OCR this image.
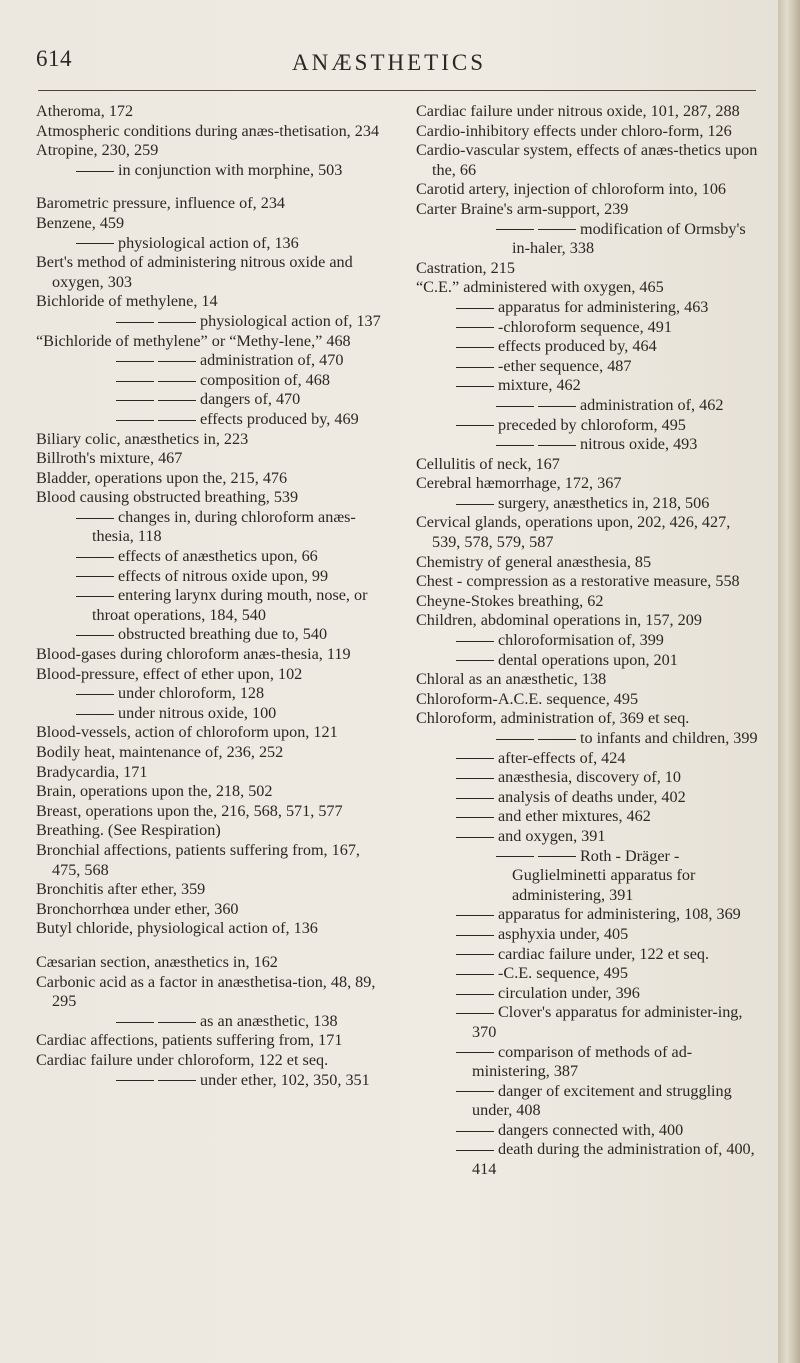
614	ANÆSTHETICS
Atheroma, 172
Atmospheric conditions during anæs-thetisation, 234
Atropine, 230, 259
in conjunction with morphine, 503
Barometric pressure, influence of, 234
Benzene, 459
physiological action of, 136
Bert's method of administering nitrous oxide and oxygen, 303
Bichloride of methylene, 14
physiological action of, 137
“Bichloride of methylene” or “Methy-lene,” 468
administration of, 470
composition of, 468
dangers of, 470
effects produced by, 469
Biliary colic, anæsthetics in, 223
Billroth's mixture, 467
Bladder, operations upon the, 215, 476
Blood causing obstructed breathing, 539
changes in, during chloroform anæs-thesia, 118
effects of anæsthetics upon, 66
effects of nitrous oxide upon, 99
entering larynx during mouth, nose, or throat operations, 184, 540
obstructed breathing due to, 540
Blood-gases during chloroform anæs-thesia, 119
Blood-pressure, effect of ether upon, 102
under chloroform, 128
under nitrous oxide, 100
Blood-vessels, action of chloroform upon, 121
Bodily heat, maintenance of, 236, 252
Bradycardia, 171
Brain, operations upon the, 218, 502
Breast, operations upon the, 216, 568, 571, 577
Breathing. (See Respiration)
Bronchial affections, patients suffering from, 167, 475, 568
Bronchitis after ether, 359
Bronchorrhœa under ether, 360
Butyl chloride, physiological action of, 136
Cæsarian section, anæsthetics in, 162
Carbonic acid as a factor in anæsthetisa-tion, 48, 89, 295
as an anæsthetic, 138
Cardiac affections, patients suffering from, 171
Cardiac failure under chloroform, 122 et seq.
under ether, 102, 350, 351
Cardiac failure under nitrous oxide, 101, 287, 288
Cardio-inhibitory effects under chloro-form, 126
Cardio-vascular system, effects of anæs-thetics upon the, 66
Carotid artery, injection of chloroform into, 106
Carter Braine's arm-support, 239
modification of Ormsby's in-haler, 338
Castration, 215
“C.E.” administered with oxygen, 465
apparatus for administering, 463
-chloroform sequence, 491
effects produced by, 464
-ether sequence, 487
mixture, 462
administration of, 462
preceded by chloroform, 495
nitrous oxide, 493
Cellulitis of neck, 167
Cerebral hæmorrhage, 172, 367
surgery, anæsthetics in, 218, 506
Cervical glands, operations upon, 202, 426, 427, 539, 578, 579, 587
Chemistry of general anæsthesia, 85
Chest - compression as a restorative measure, 558
Cheyne-Stokes breathing, 62
Children, abdominal operations in, 157, 209
chloroformisation of, 399
dental operations upon, 201
Chloral as an anæsthetic, 138
Chloroform-A.C.E. sequence, 495
Chloroform, administration of, 369 et seq.
to infants and children, 399
after-effects of, 424
anæsthesia, discovery of, 10
analysis of deaths under, 402
and ether mixtures, 462
and oxygen, 391
Roth - Dräger - Guglielminetti apparatus for administering, 391
apparatus for administering, 108, 369
asphyxia under, 405
cardiac failure under, 122 et seq.
-C.E. sequence, 495
circulation under, 396
Clover's apparatus for administer-ing, 370
comparison of methods of ad-ministering, 387
danger of excitement and struggling under, 408
dangers connected with, 400
death during the administration of, 400, 414
